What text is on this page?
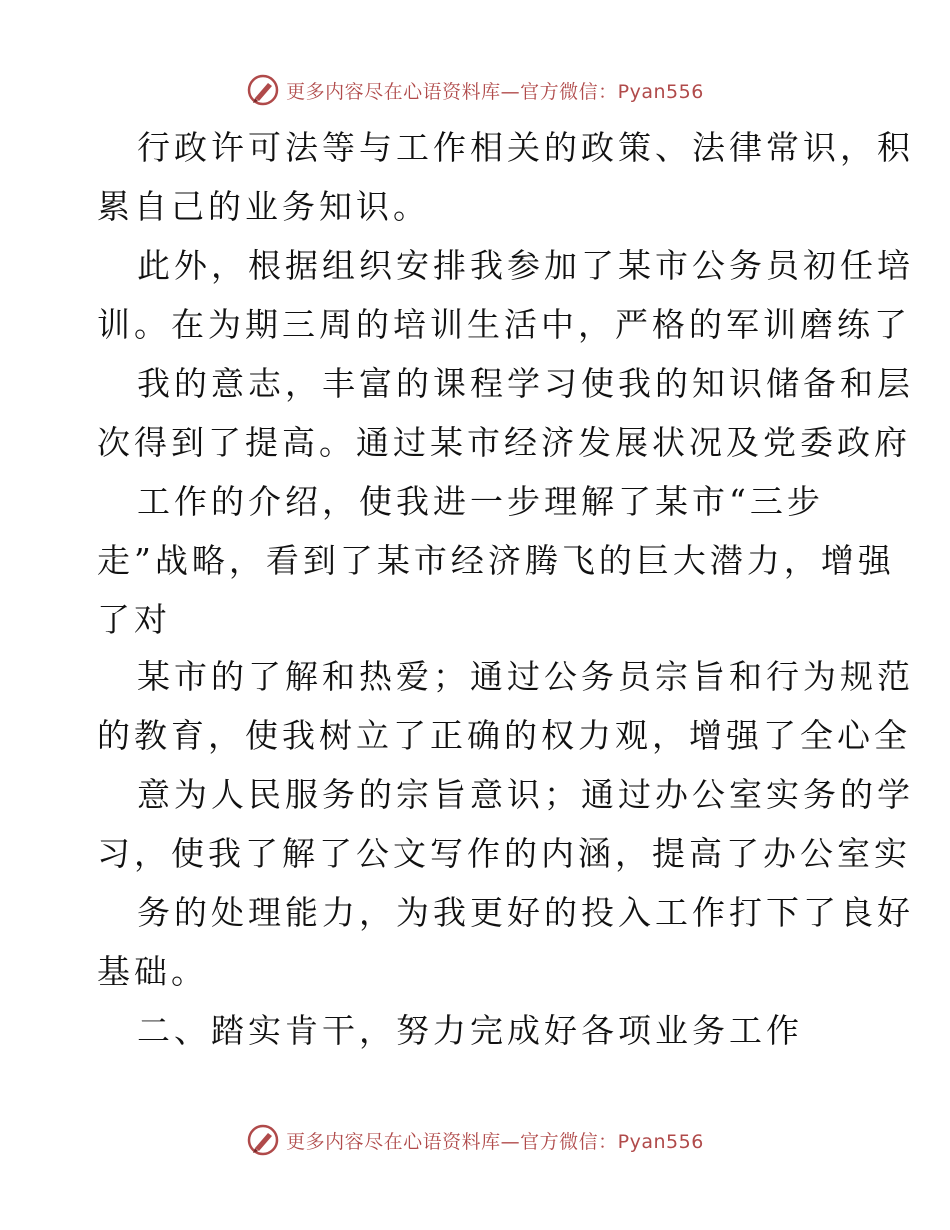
更多内容尽在心语资料库—官方微信：Pyan556
行政许可法等与工作相关的政策、法律常识，积
累自己的业务知识。
此外，根据组织安排我参加了某市公务员初任培
训。在为期三周的培训生活中，严格的军训磨练了
我的意志，丰富的课程学习使我的知识储备和层
次得到了提高。通过某市经济发展状况及党委政府
工作的介绍，使我进一步理解了某市“三步
走”战略，看到了某市经济腾飞的巨大潜力，增强
了对
某市的了解和热爱；通过公务员宗旨和行为规范
的教育，使我树立了正确的权力观，增强了全心全
意为人民服务的宗旨意识；通过办公室实务的学
习，使我了解了公文写作的内涵，提高了办公室实
务的处理能力，为我更好的投入工作打下了良好
基础。
二、踏实肯干，努力完成好各项业务工作
更多内容尽在心语资料库—官方微信：Pyan556
